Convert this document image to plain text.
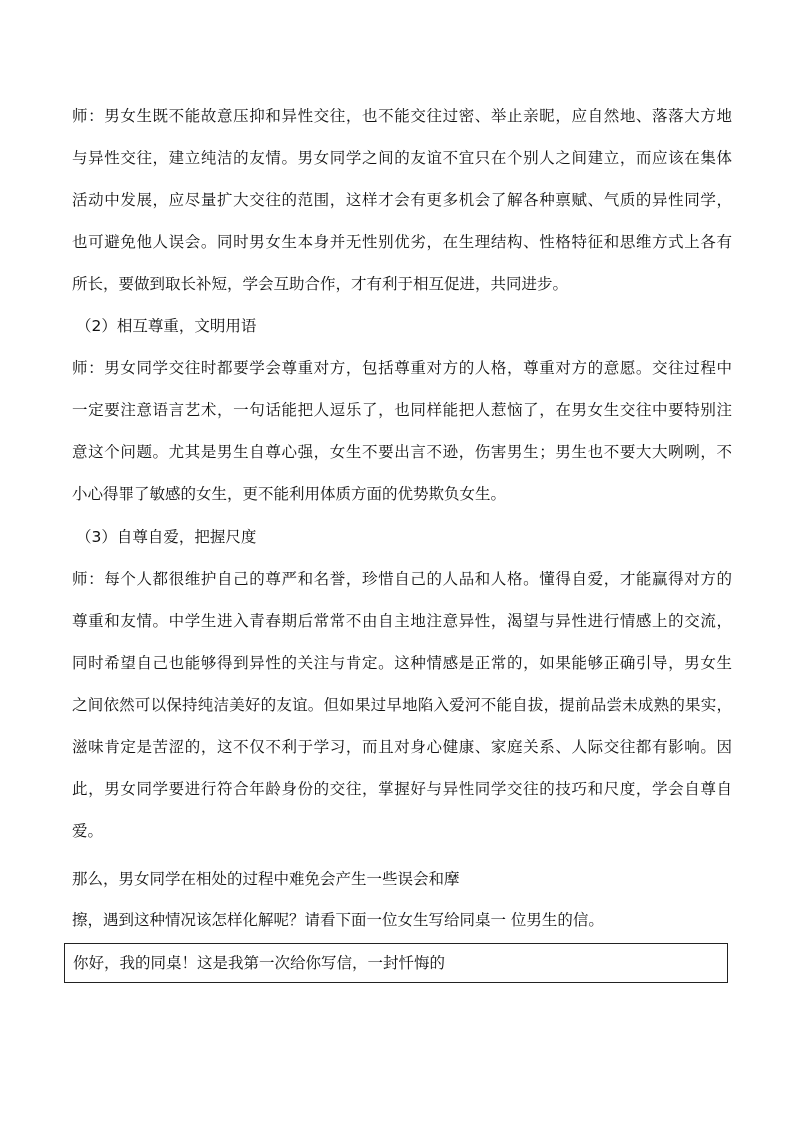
师：男女生既不能故意压抑和异性交往，也不能交往过密、举止亲昵，应自然地、落落大方地
与异性交往，建立纯洁的友情。男女同学之间的友谊不宜只在个别人之间建立，而应该在集体
活动中发展，应尽量扩大交往的范围，这样才会有更多机会了解各种禀赋、气质的异性同学，
也可避免他人误会。同时男女生本身并无性别优劣，在生理结构、性格特征和思维方式上各有
所长，要做到取长补短，学会互助合作，才有利于相互促进，共同进步。
（2）相互尊重，文明用语
师：男女同学交往时都要学会尊重对方，包括尊重对方的人格，尊重对方的意愿。交往过程中
一定要注意语言艺术，一句话能把人逗乐了，也同样能把人惹恼了，在男女生交往中要特别注
意这个问题。尤其是男生自尊心强，女生不要出言不逊，伤害男生；男生也不要大大咧咧，不
小心得罪了敏感的女生，更不能利用体质方面的优势欺负女生。
（3）自尊自爱，把握尺度
师：每个人都很维护自己的尊严和名誉，珍惜自己的人品和人格。懂得自爱，才能赢得对方的
尊重和友情。中学生进入青春期后常常不由自主地注意异性，渴望与异性进行情感上的交流，
同时希望自己也能够得到异性的关注与肯定。这种情感是正常的，如果能够正确引导，男女生
之间依然可以保持纯洁美好的友谊。但如果过早地陷入爱河不能自拔，提前品尝未成熟的果实，
滋味肯定是苦涩的，这不仅不利于学习，而且对身心健康、家庭关系、人际交往都有影响。因
此，男女同学要进行符合年龄身份的交往，掌握好与异性同学交往的技巧和尺度，学会自尊自
爱。
那么，男女同学在相处的过程中难免会产生一些误会和摩
擦，遇到这种情况该怎样化解呢？请看下面一位女生写给同桌一 位男生的信。
你好，我的同桌！这是我第一次给你写信，一封忏悔的
